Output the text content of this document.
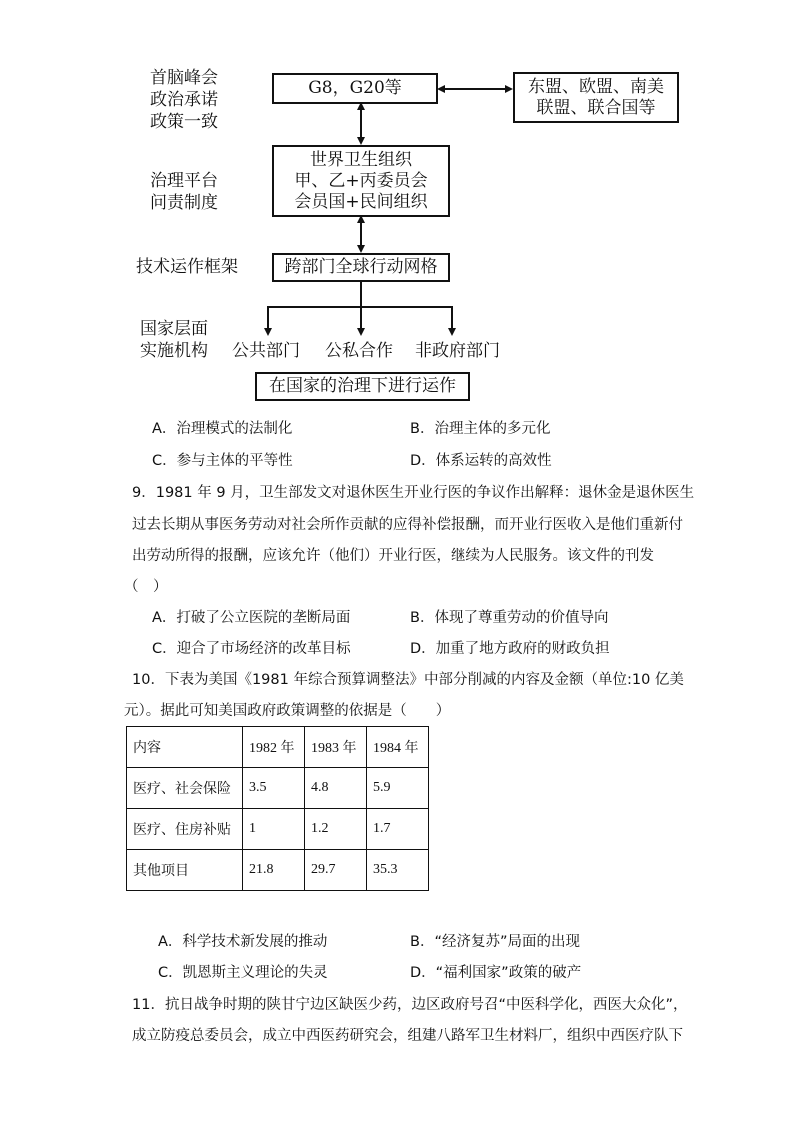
首脑峰会
政治承诺
政策一致
治理平台
问责制度
技术运作框架
国家层面
实施机构
G8，G20等	东盟、欧盟、南美
联盟、联合国等
世界卫生组织
甲、乙+丙委员会
会员国+民间组织
跨部门全球行动网格
公共部门 公私合作 非政府部门
在国家的治理下进行运作
A．治理模式的法制化	B．治理主体的多元化
C．参与主体的平等性	D．体系运转的高效性
9．1981 年 9 月，卫生部发文对退休医生开业行医的争议作出解释：退休金是退休医生
过去长期从事医务劳动对社会所作贡献的应得补偿报酬，而开业行医收入是他们重新付
出劳动所得的报酬，应该允许（他们）开业行医，继续为人民服务。该文件的刊发
（　）
A．打破了公立医院的垄断局面	B．体现了尊重劳动的价值导向
C．迎合了市场经济的改革目标	D．加重了地方政府的财政负担
10．下表为美国《1981 年综合预算调整法》中部分削减的内容及金额（单位:10 亿美
元）。据此可知美国政府政策调整的依据是（　　）
内容	1982 年	1983 年	1984 年
医疗、社会保险	3.5	4.8	5.9
医疗、住房补贴	1	1.2	1.7
其他项目	21.8	29.7	35.3
A．科学技术新发展的推动	B．“经济复苏”局面的出现
C．凯恩斯主义理论的失灵	D．“福利国家”政策的破产
11．抗日战争时期的陕甘宁边区缺医少药，边区政府号召“中医科学化，西医大众化”，
成立防疫总委员会，成立中西医药研究会，组建八路军卫生材料厂，组织中西医疗队下
